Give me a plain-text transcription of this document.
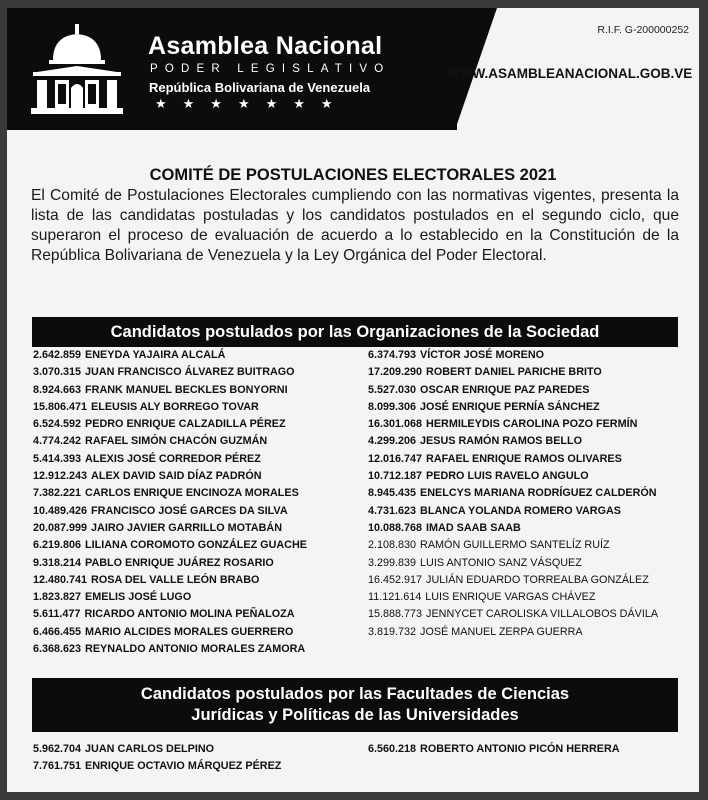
Asamblea Nacional
PODER LEGISLATIVO
República Bolivariana de Venezuela
★★★★★★★
R.I.F. G-200000252
WWW.ASAMBLEANACIONAL.GOB.VE
COMITÉ DE POSTULACIONES ELECTORALES 2021
El Comité de Postulaciones Electorales cumpliendo con las normativas vigentes, presenta la lista de las candidatas postuladas y los candidatos postulados en el segundo ciclo, que superaron el proceso de evaluación de acuerdo a lo establecido en la Constitución de la República Bolivariana de Venezuela y la Ley Orgánica del Poder Electoral.
Candidatos postulados por las Organizaciones de la Sociedad
2.642.859 ENEYDA YAJAIRA ALCALÁ
3.070.315 JUAN FRANCISCO ÁLVAREZ BUITRAGO
8.924.663 FRANK MANUEL BECKLES BONYORNI
15.806.471 ELEUSIS ALY BORREGO TOVAR
6.524.592 PEDRO ENRIQUE CALZADILLA PÉREZ
4.774.242 RAFAEL SIMÓN CHACÓN GUZMÁN
5.414.393 ALEXIS JOSÉ CORREDOR PÉREZ
12.912.243 ALEX DAVID SAID DÍAZ PADRÓN
7.382.221 CARLOS ENRIQUE ENCINOZA MORALES
10.489.426 FRANCISCO JOSÉ GARCES DA SILVA
20.087.999 JAIRO JAVIER GARRILLO MOTABÁN
6.219.806 LILIANA COROMOTO GONZÁLEZ GUACHE
9.318.214 PABLO ENRIQUE JUÁREZ ROSARIO
12.480.741 ROSA DEL VALLE LEÓN BRABO
1.823.827 EMELIS JOSÉ LUGO
5.611.477 RICARDO ANTONIO MOLINA PEÑALOZA
6.466.455 MARIO ALCIDES MORALES GUERRERO
6.368.623 REYNALDO ANTONIO MORALES ZAMORA
6.374.793 VÍCTOR JOSÉ MORENO
17.209.290 ROBERT DANIEL PARICHE BRITO
5.527.030 OSCAR ENRIQUE PAZ PAREDES
8.099.306 JOSÉ ENRIQUE PERNÍA SÁNCHEZ
16.301.068 HERMILEYDIS CAROLINA POZO FERMÍN
4.299.206 JESUS RAMÓN RAMOS BELLO
12.016.747 RAFAEL ENRIQUE RAMOS OLIVARES
10.712.187 PEDRO LUIS RAVELO ANGULO
8.945.435 ENELCYS MARIANA RODRÍGUEZ CALDERÓN
4.731.623 BLANCA YOLANDA ROMERO VARGAS
10.088.768 IMAD SAAB SAAB
2.108.830 RAMÓN GUILLERMO SANTELÍZ RUÍZ
3.299.839 LUIS ANTONIO SANZ VÁSQUEZ
16.452.917 JULIÁN EDUARDO TORREALBA GONZÁLEZ
11.121.614 LUIS ENRIQUE VARGAS CHÁVEZ
15.888.773 JENNYCET CAROLISKA VILLALOBOS DÁVILA
3.819.732 JOSÉ MANUEL ZERPA GUERRA
Candidatos postulados por las Facultades de Ciencias
Jurídicas y Políticas de las Universidades
5.962.704 JUAN CARLOS DELPINO
7.761.751 ENRIQUE OCTAVIO MÁRQUEZ PÉREZ
6.560.218 ROBERTO ANTONIO PICÓN HERRERA
